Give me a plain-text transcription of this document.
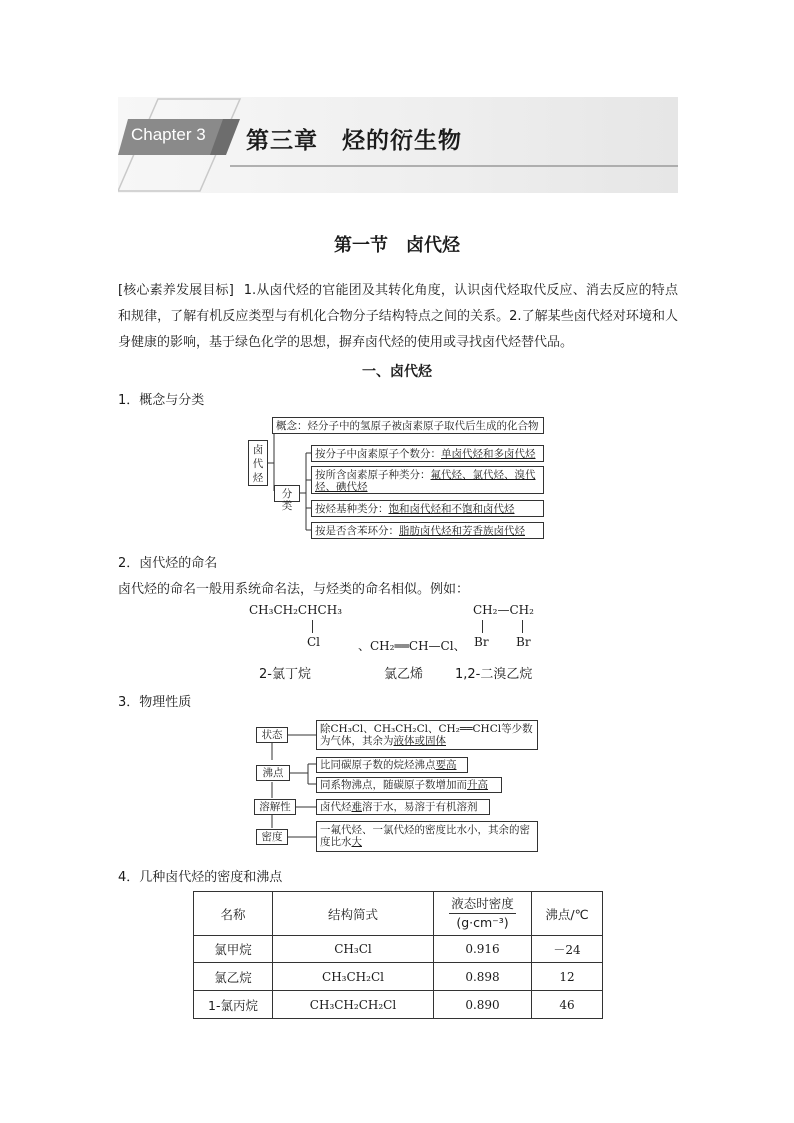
Chapter 3 第三章　烃的衍生物
第一节　卤代烃
[核心素养发展目标] 1.从卤代烃的官能团及其转化角度，认识卤代烃取代反应、消去反应的特点和规律，了解有机反应类型与有机化合物分子结构特点之间的关系。2.了解某些卤代烃对环境和人身健康的影响，基于绿色化学的思想，摒弃卤代烃的使用或寻找卤代烃替代品。
一、卤代烃
1．概念与分类
卤代烃
概念：烃分子中的氢原子被卤素原子取代后生成的化合物
分类
按分子中卤素原子个数分：单卤代烃和多卤代烃
按所含卤素原子种类分：氟代烃、氯代烃、溴代烃、碘代烃
按烃基种类分：饱和卤代烃和不饱和卤代烃
按是否含苯环分：脂肪卤代烃和芳香族卤代烃
2．卤代烃的命名
卤代烃的命名一般用系统命名法，与烃类的命名相似。例如：
CH₃CH₂CHCH₃
Cl	、CH₂══CH—Cl、
CH₂—CH₂
Br Br
2-氯丁烷	氯乙烯 1,2-二溴乙烷
3．物理性质
状态
沸点
溶解性
密度
除CH₃Cl、CH₃CH₂Cl、CH₂══CHCl等少数为气体，其余为液体或固体
比同碳原子数的烷烃沸点要高
同系物沸点，随碳原子数增加而升高
卤代烃难溶于水，易溶于有机溶剂
一氟代烃、一氯代烃的密度比水小，其余的密度比水大
4．几种卤代烃的密度和沸点
名称	结构简式	液态时密度
(g·cm⁻³)	沸点/℃
氯甲烷	CH₃Cl	0.916	－24
氯乙烷	CH₃CH₂Cl	0.898	12
1-氯丙烷	CH₃CH₂CH₂Cl	0.890	46
